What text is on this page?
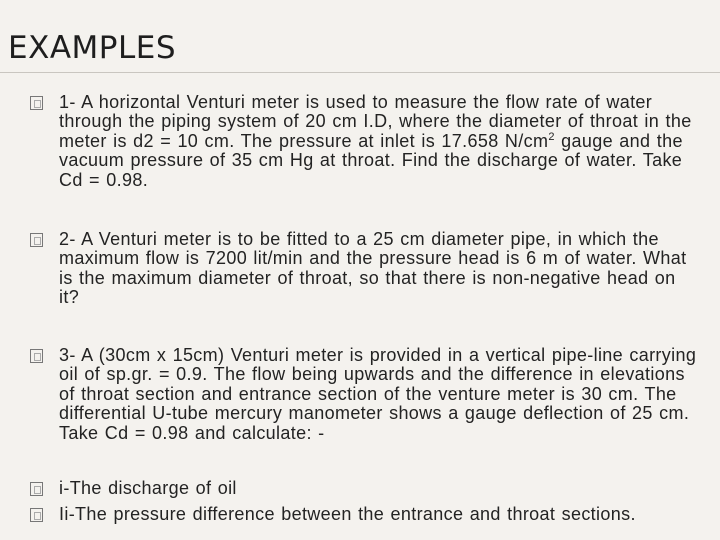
EXAMPLES
1- A horizontal Venturi meter is used to measure the flow rate of water through the piping system of 20 cm I.D, where the diameter of throat in the meter is d2 = 10 cm. The pressure at inlet is 17.658 $N/cm^2$ gauge and the vacuum pressure of 35 cm Hg at throat. Find the discharge of water. Take Cd = 0.98.
2- A Venturi meter is to be fitted to a 25 cm diameter pipe, in which the maximum flow is 7200 lit/min and the pressure head is 6 m of water. What is the maximum diameter of throat, so that there is non-negative head on it?
3- A (30cm x 15cm) Venturi meter is provided in a vertical pipe-line carrying oil of sp.gr. = 0.9. The flow being upwards and the difference in elevations of throat section and entrance section of the venture meter is 30 cm. The differential U-tube mercury manometer shows a gauge deflection of 25 cm. Take Cd = 0.98 and calculate: -
i-The discharge of oil
Ii-The pressure difference between the entrance and throat sections.
